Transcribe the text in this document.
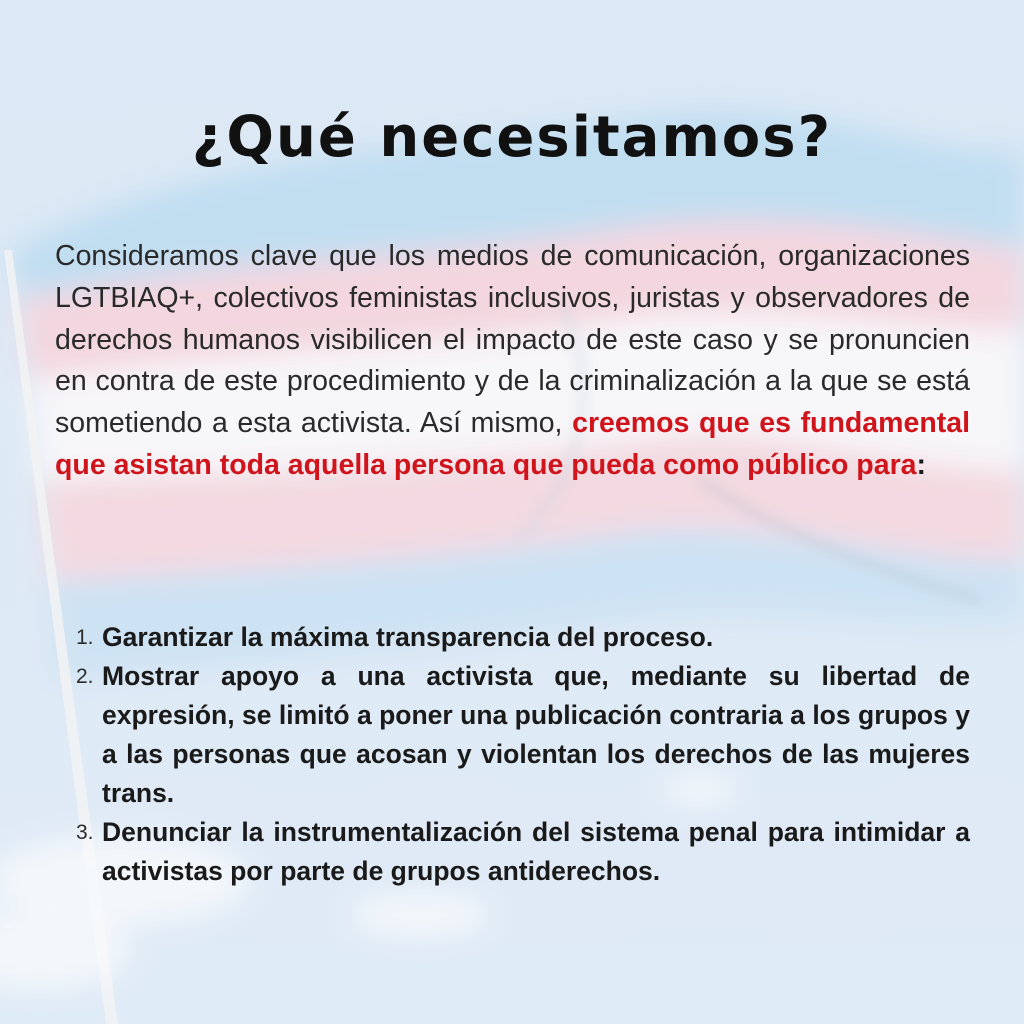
¿Qué necesitamos?

Consideramos clave que los medios de comunicación, organizaciones LGTBIAQ+, colectivos feministas inclusivos, juristas y observadores de derechos humanos visibilicen el impacto de este caso y se pronuncien en contra de este procedimiento y de la criminalización a la que se está sometiendo a esta activista. Así mismo, creemos que es fundamental que asistan toda aquella persona que pueda como público para:

1. Garantizar la máxima transparencia del proceso.
2. Mostrar apoyo a una activista que, mediante su libertad de expresión, se limitó a poner una publicación contraria a los grupos y a las personas que acosan y violentan los derechos de las mujeres trans.
3. Denunciar la instrumentalización del sistema penal para intimidar a activistas por parte de grupos antiderechos.
